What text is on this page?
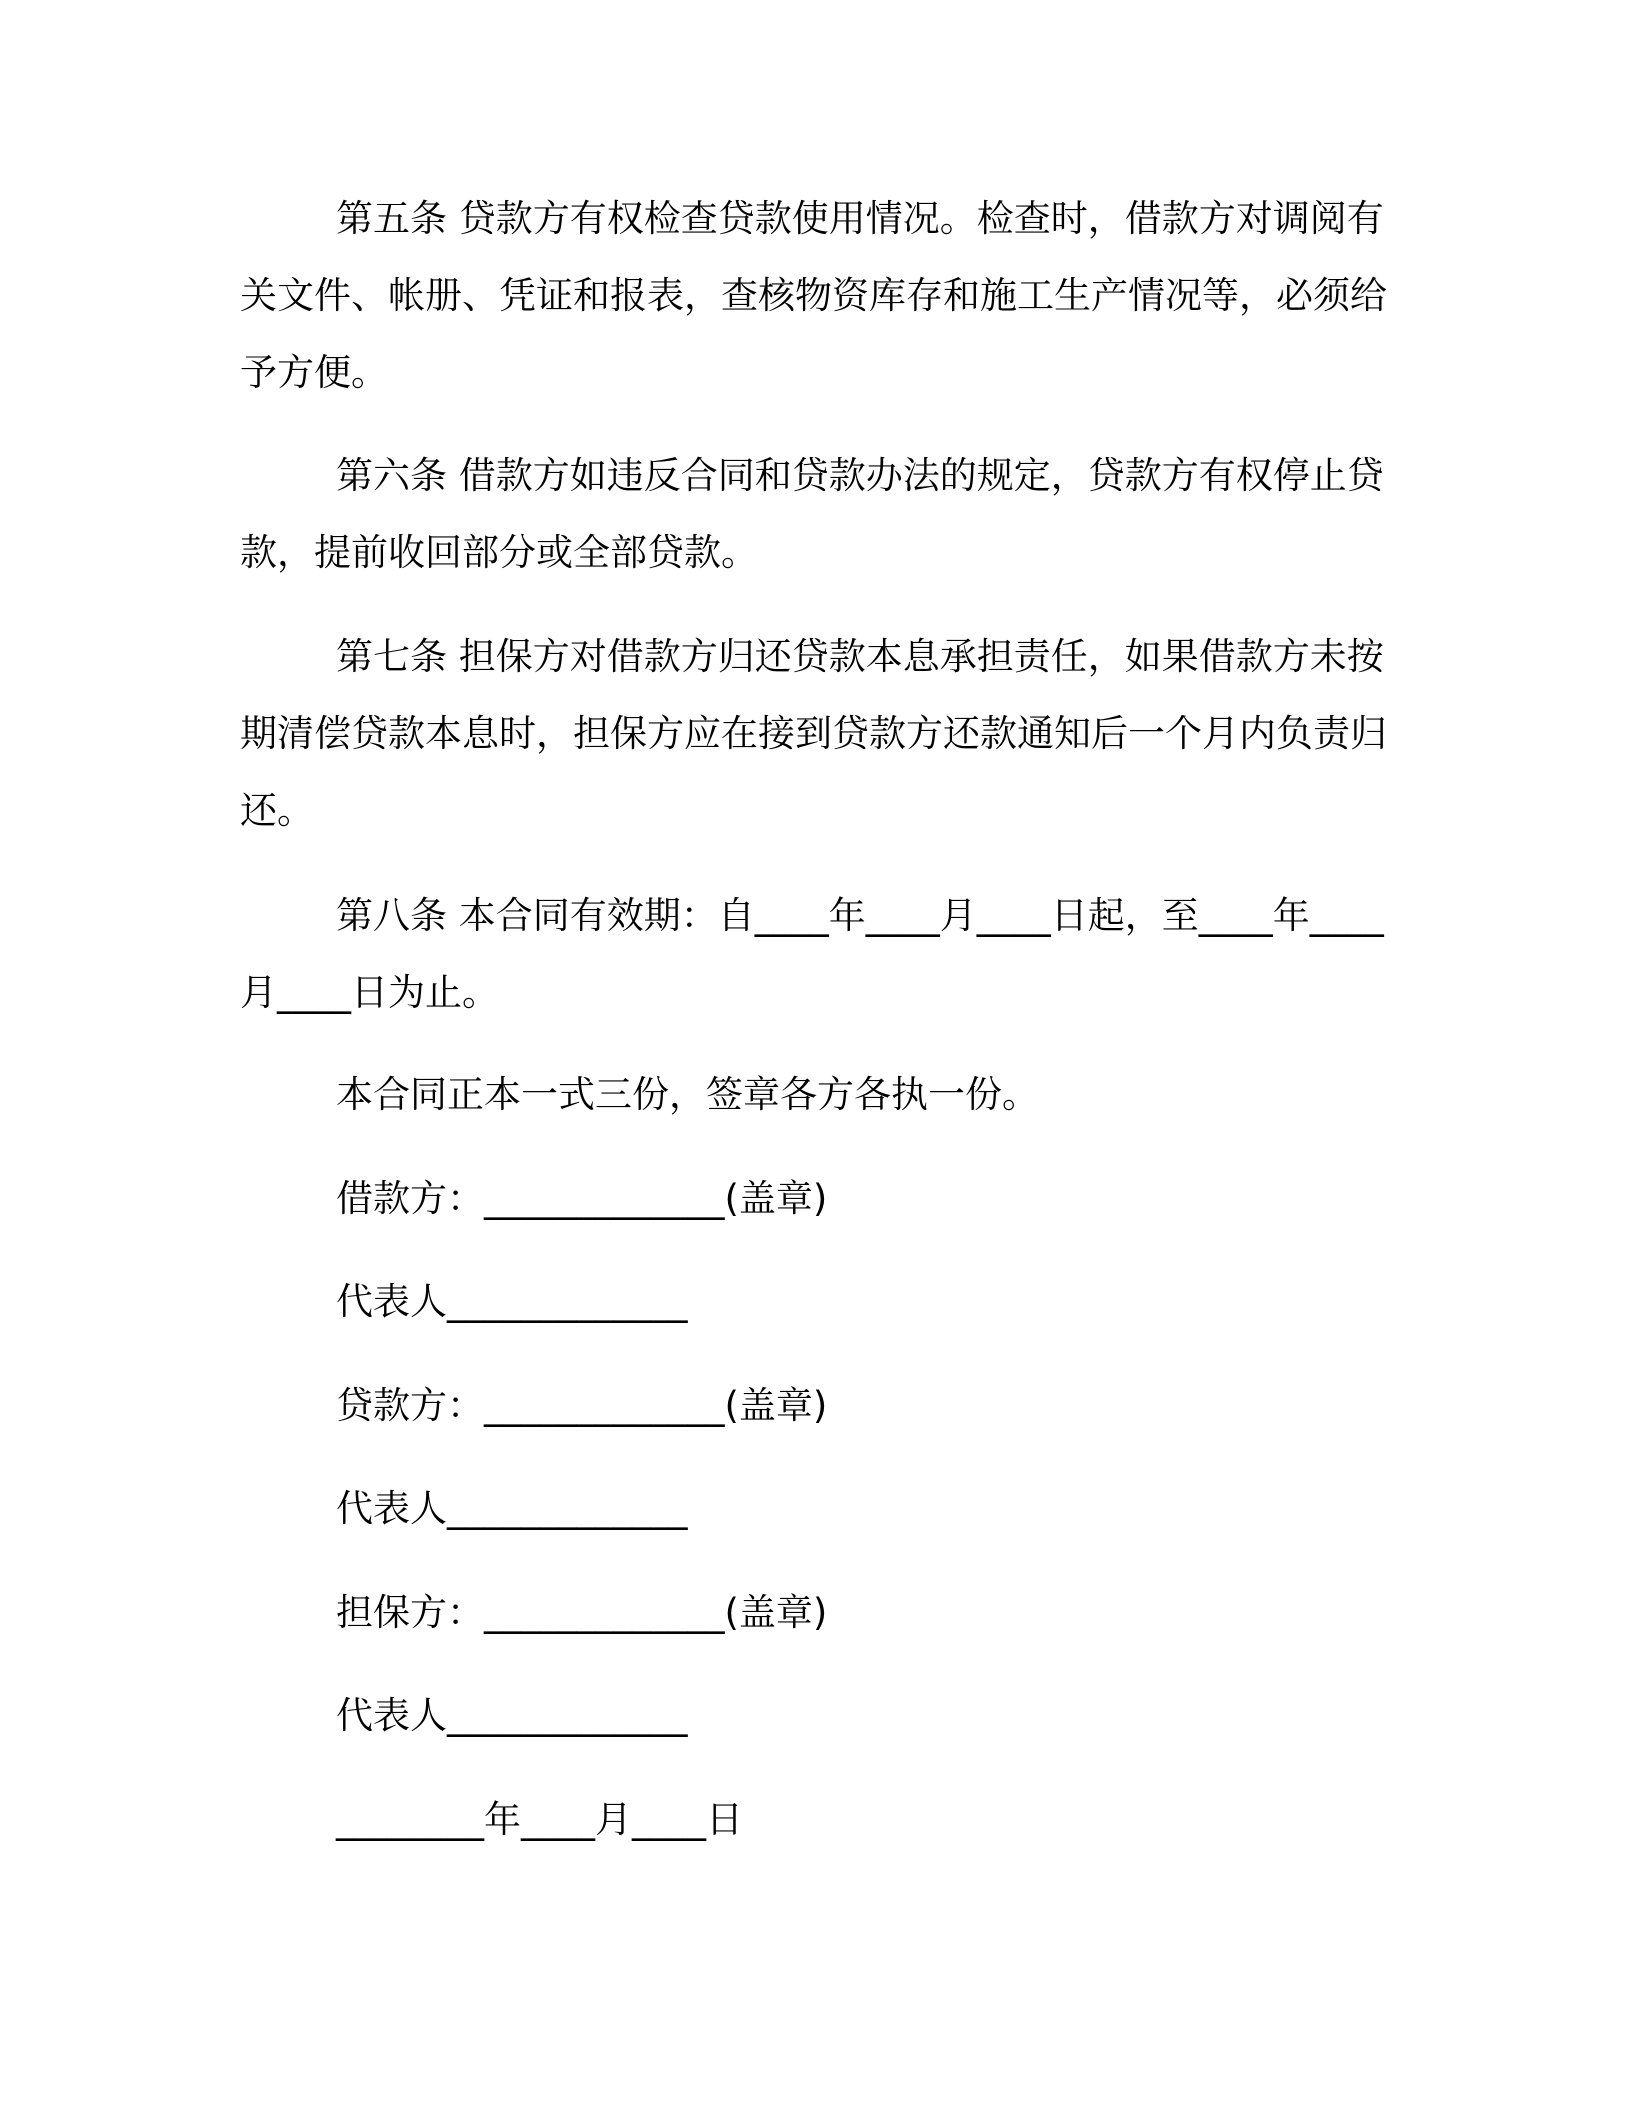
第五条 贷款方有权检查贷款使用情况。检查时，借款方对调阅有关文件、帐册、凭证和报表，查核物资库存和施工生产情况等，必须给予方便。

第六条 借款方如违反合同和贷款办法的规定，贷款方有权停止贷款，提前收回部分或全部贷款。

第七条 担保方对借款方归还贷款本息承担责任，如果借款方未按期清偿贷款本息时，担保方应在接到贷款方还款通知后一个月内负责归还。

第八条 本合同有效期：自____年____月____日起，至____年____月____日为止。

本合同正本一式三份，签章各方各执一份。

借款方：_____________(盖章)

代表人_____________

贷款方：_____________(盖章)

代表人_____________

担保方：_____________(盖章)

代表人_____________

________年____月____日
